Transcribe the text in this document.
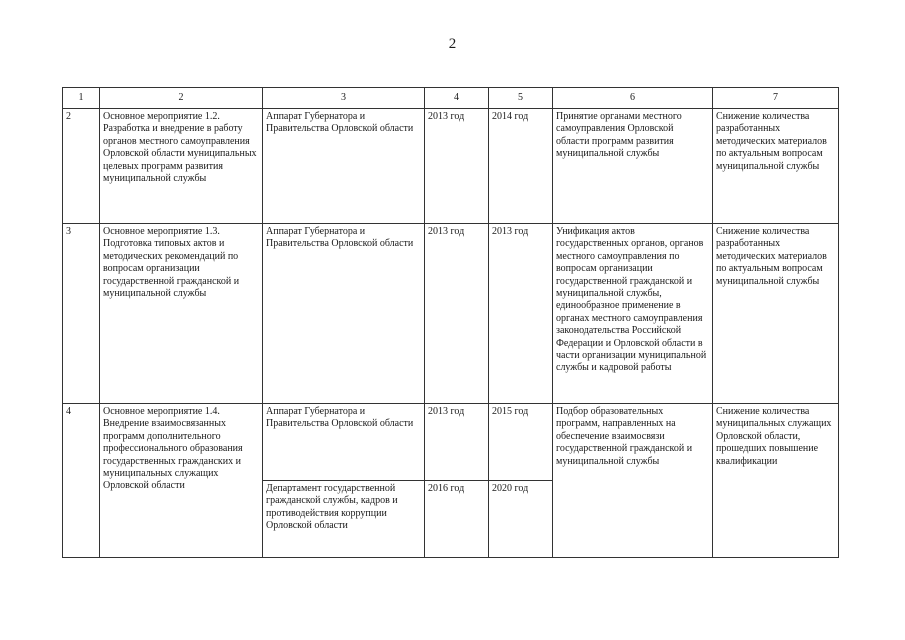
2
1	2	3	4	5	6	7
2	Основное мероприятие 1.2. Разработка и внедрение в работу органов местного самоуправления Орловской области муниципальных целевых программ развития муниципальной службы	Аппарат Губернатора и Правительства Орловской области	2013 год	2014 год	Принятие органами местного самоуправления Орловской области программ развития муниципальной службы	Снижение количества разработанных методических материалов по актуальным вопросам муниципальной службы
3	Основное мероприятие 1.3. Подготовка типовых актов и методических рекомендаций по вопросам организации государственной гражданской и муниципальной службы	Аппарат Губернатора и Правительства Орловской области	2013 год	2013 год	Унификация актов государственных органов, органов местного самоуправления по вопросам организации государственной гражданской и муниципальной службы, единообразное применение в органах местного самоуправления законодательства Российской Федерации и Орловской области в части организации муниципальной службы и кадровой работы	Снижение количества разработанных методических материалов по актуальным вопросам муниципальной службы
4	Основное мероприятие 1.4. Внедрение взаимосвязанных программ дополнительного профессионального образования государственных гражданских и муниципальных служащих Орловской области	Аппарат Губернатора и Правительства Орловской области	2013 год	2015 год	Подбор образовательных программ, направленных на обеспечение взаимосвязи государственной гражданской и муниципальной службы	Снижение количества муниципальных служащих Орловской области, прошедших повышение квалификации
		Департамент государственной гражданской службы, кадров и противодействия коррупции Орловской области	2016 год	2020 год		
